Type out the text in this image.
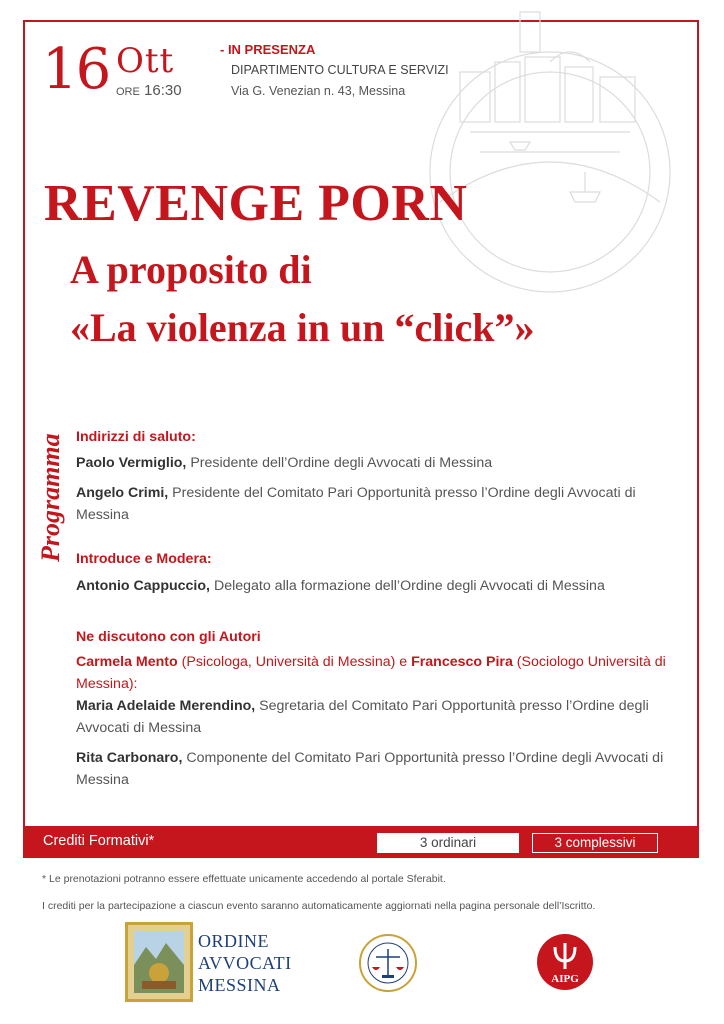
16 Ott
ORE 16:30
- IN PRESENZA
DIPARTIMENTO CULTURA E SERVIZI
Via G. Venezian n. 43, Messina
REVENGE PORN
A proposito di
«La violenza in un “click”»
Programma Indirizzi di saluto:
Paolo Vermiglio, Presidente dell’Ordine degli Avvocati di Messina
Angelo Crimi, Presidente del Comitato Pari Opportunità presso l’Ordine degli Avvocati di Messina
Introduce e Modera:
Antonio Cappuccio, Delegato alla formazione dell’Ordine degli Avvocati di Messina
Ne discutono con gli Autori
Carmela Mento (Psicologa, Università di Messina) e Francesco Pira (Sociologo Università di Messina):
Maria Adelaide Merendino, Segretaria del Comitato Pari Opportunità presso l’Ordine degli Avvocati di Messina
Rita Carbonaro, Componente del Comitato Pari Opportunità presso l’Ordine degli Avvocati di Messina
Crediti Formativi*	3 ordinari	3 complessivi
* Le prenotazioni potranno essere effettuate unicamente accedendo al portale Sferabit.
I crediti per la partecipazione a ciascun evento saranno automaticamente aggiornati nella pagina personale dell’Iscritto.
ORDINE
AVVOCATI
MESSINA	AIPG
